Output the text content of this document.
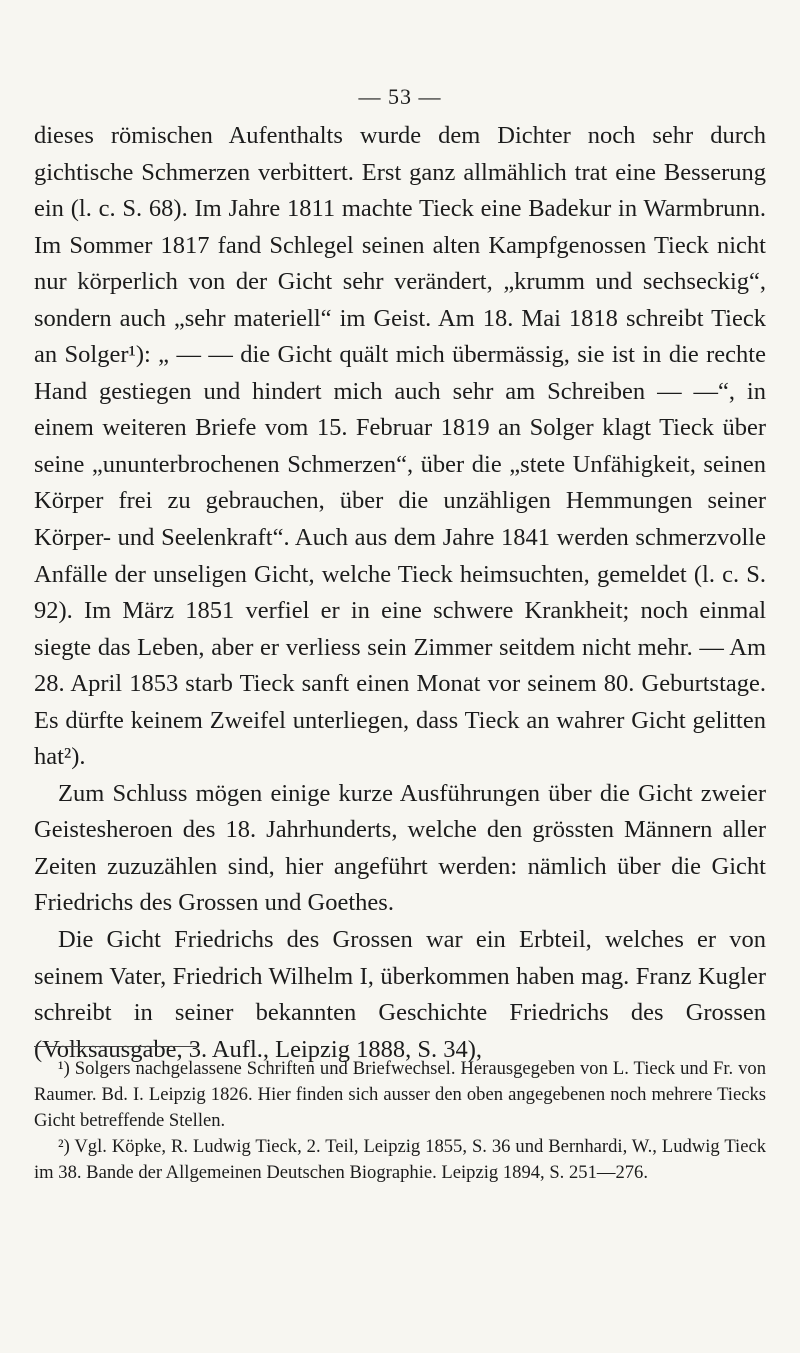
— 53 —

dieses römischen Aufenthalts wurde dem Dichter noch sehr durch gichtische Schmerzen verbittert. Erst ganz allmählich trat eine Besserung ein (l. c. S. 68). Im Jahre 1811 machte Tieck eine Badekur in Warmbrunn. Im Sommer 1817 fand Schlegel seinen alten Kampfgenossen Tieck nicht nur körperlich von der Gicht sehr verändert, „krumm und sechseckig“, sondern auch „sehr materiell“ im Geist. Am 18. Mai 1818 schreibt Tieck an Solger¹): „ — — die Gicht quält mich übermässig, sie ist in die rechte Hand gestiegen und hindert mich auch sehr am Schreiben — —“, in einem weiteren Briefe vom 15. Februar 1819 an Solger klagt Tieck über seine „ununterbrochenen Schmerzen“, über die „stete Unfähigkeit, seinen Körper frei zu gebrauchen, über die unzähligen Hemmungen seiner Körper- und Seelenkraft“. Auch aus dem Jahre 1841 werden schmerzvolle Anfälle der unseligen Gicht, welche Tieck heimsuchten, gemeldet (l. c. S. 92). Im März 1851 verfiel er in eine schwere Krankheit; noch einmal siegte das Leben, aber er verliess sein Zimmer seitdem nicht mehr. — Am 28. April 1853 starb Tieck sanft einen Monat vor seinem 80. Geburtstage. Es dürfte keinem Zweifel unterliegen, dass Tieck an wahrer Gicht gelitten hat²).

Zum Schluss mögen einige kurze Ausführungen über die Gicht zweier Geistesheroen des 18. Jahrhunderts, welche den grössten Männern aller Zeiten zuzuzählen sind, hier angeführt werden: nämlich über die Gicht Friedrichs des Grossen und Goethes.

Die Gicht Friedrichs des Grossen war ein Erbteil, welches er von seinem Vater, Friedrich Wilhelm I, überkommen haben mag. Franz Kugler schreibt in seiner bekannten Geschichte Friedrichs des Grossen (Volksausgabe, 3. Aufl., Leipzig 1888, S. 34),

¹) Solgers nachgelassene Schriften und Briefwechsel. Herausgegeben von L. Tieck und Fr. von Raumer. Bd. I. Leipzig 1826. Hier finden sich ausser den oben angegebenen noch mehrere Tiecks Gicht betreffende Stellen.

²) Vgl. Köpke, R. Ludwig Tieck, 2. Teil, Leipzig 1855, S. 36 und Bernhardi, W., Ludwig Tieck im 38. Bande der Allgemeinen Deutschen Biographie. Leipzig 1894, S. 251—276.
